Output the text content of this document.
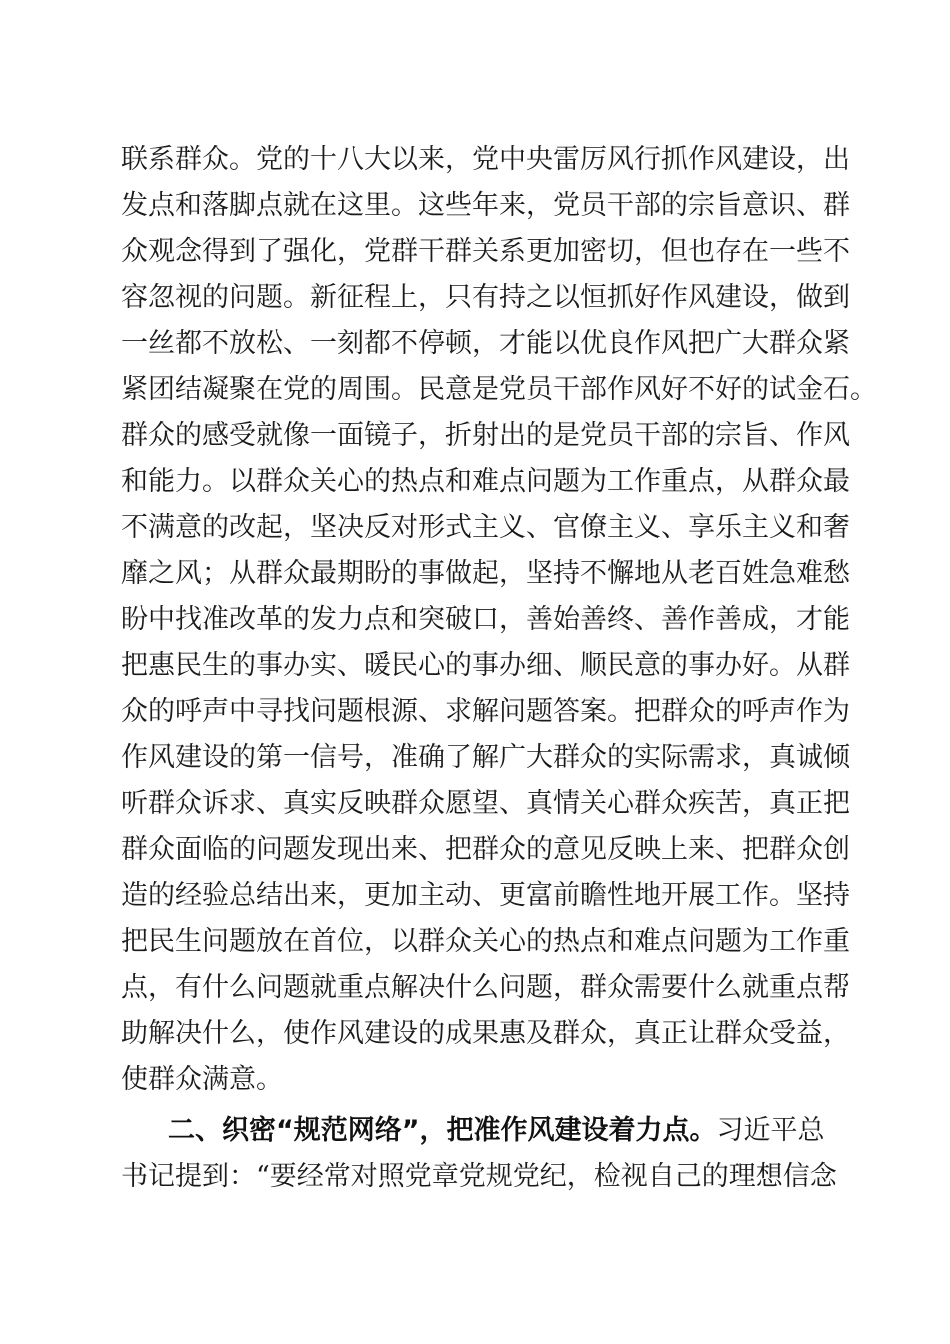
联系群众。党的十八大以来，党中央雷厉风行抓作风建设，出
发点和落脚点就在这里。这些年来，党员干部的宗旨意识、群
众观念得到了强化，党群干群关系更加密切，但也存在一些不
容忽视的问题。新征程上，只有持之以恒抓好作风建设，做到
一丝都不放松、一刻都不停顿，才能以优良作风把广大群众紧
紧团结凝聚在党的周围。民意是党员干部作风好不好的试金石。
群众的感受就像一面镜子，折射出的是党员干部的宗旨、作风
和能力。以群众关心的热点和难点问题为工作重点，从群众最
不满意的改起，坚决反对形式主义、官僚主义、享乐主义和奢
靡之风；从群众最期盼的事做起，坚持不懈地从老百姓急难愁
盼中找准改革的发力点和突破口，善始善终、善作善成，才能
把惠民生的事办实、暖民心的事办细、顺民意的事办好。从群
众的呼声中寻找问题根源、求解问题答案。把群众的呼声作为
作风建设的第一信号，准确了解广大群众的实际需求，真诚倾
听群众诉求、真实反映群众愿望、真情关心群众疾苦，真正把
群众面临的问题发现出来、把群众的意见反映上来、把群众创
造的经验总结出来，更加主动、更富前瞻性地开展工作。坚持
把民生问题放在首位，以群众关心的热点和难点问题为工作重
点，有什么问题就重点解决什么问题，群众需要什么就重点帮
助解决什么，使作风建设的成果惠及群众，真正让群众受益，
使群众满意。
二、织密“规范网络”，把准作风建设着力点。习近平总
书记提到：“要经常对照党章党规党纪，检视自己的理想信念
